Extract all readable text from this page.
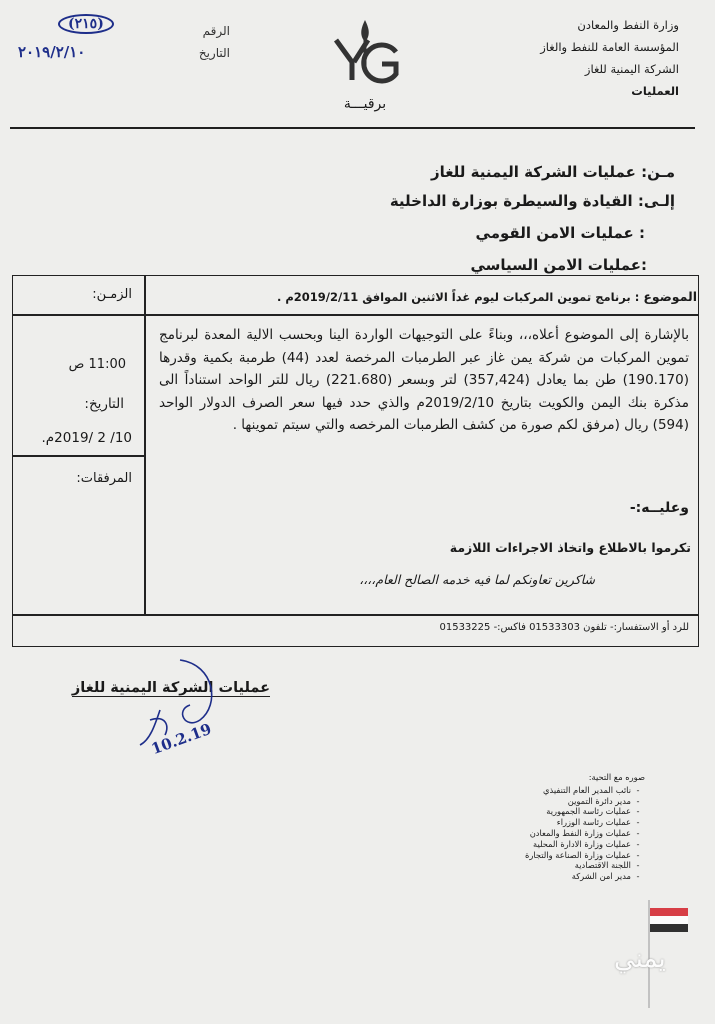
وزارة النفط والمعادن
المؤسسة العامة للنفط والغاز
الشركة اليمنية للغاز
العمليات
الرقم
(٢١٥)
التاريخ
٢٠١٩/٢/١٠
برقيـــة
مـن: عمليات الشركة اليمنية للغاز
إلـى: القيادة والسيطرة بوزارة الداخلية
: عمليات الامن القومي
:عمليات الامن السياسي
الزمـن:	الموضوع : برنامج تموين المركبات ليوم غداً الاثنين الموافق 2019/2/11م .
11:00 ص
التاريخ:
10/ 2 /2019م.
المرفقات:
بالإشارة إلى الموضوع أعلاه،،، وبناءً على التوجيهات الواردة الينا وبحسب الالية المعدة لبرنامج تموين المركبات من شركة يمن غاز عبر الطرمبات المرخصة لعدد (44) طرمبة بكمية وقدرها (190.170) طن بما يعادل (357,424) لتر وبسعر (221.680) ريال للتر الواحد استناداً الى مذكرة بنك اليمن والكويت بتاريخ 2019/2/10م والذي حدد فيها سعر الصرف الدولار الواحد (594) ريال (مرفق لكم صورة من كشف الطرمبات المرخصه والتي سيتم تموينها .
وعليــه:-
تكرموا بالاطلاع واتخاذ الاجراءات اللازمة
شاكرين تعاونكم لما فيه خدمه الصالح العام،،،،
للرد أو الاستفسار:- تلفون 01533303 فاكس:- 01533225
عمليات الشركة اليمنية للغاز
10.2.19
صوره مع التحية:
-
نائب المدير العام التنفيذي
-
مدير دائرة التموين
-
عمليات رئاسة الجمهورية
-
عمليات رئاسة الوزراء
-
عمليات وزارة النفط والمعادن
-
عمليات وزارة الادارة المحلية
-
عمليات وزارة الصناعة والتجارة
-
اللجنة الاقتصادية
-
مدير امن الشركة
يمني
